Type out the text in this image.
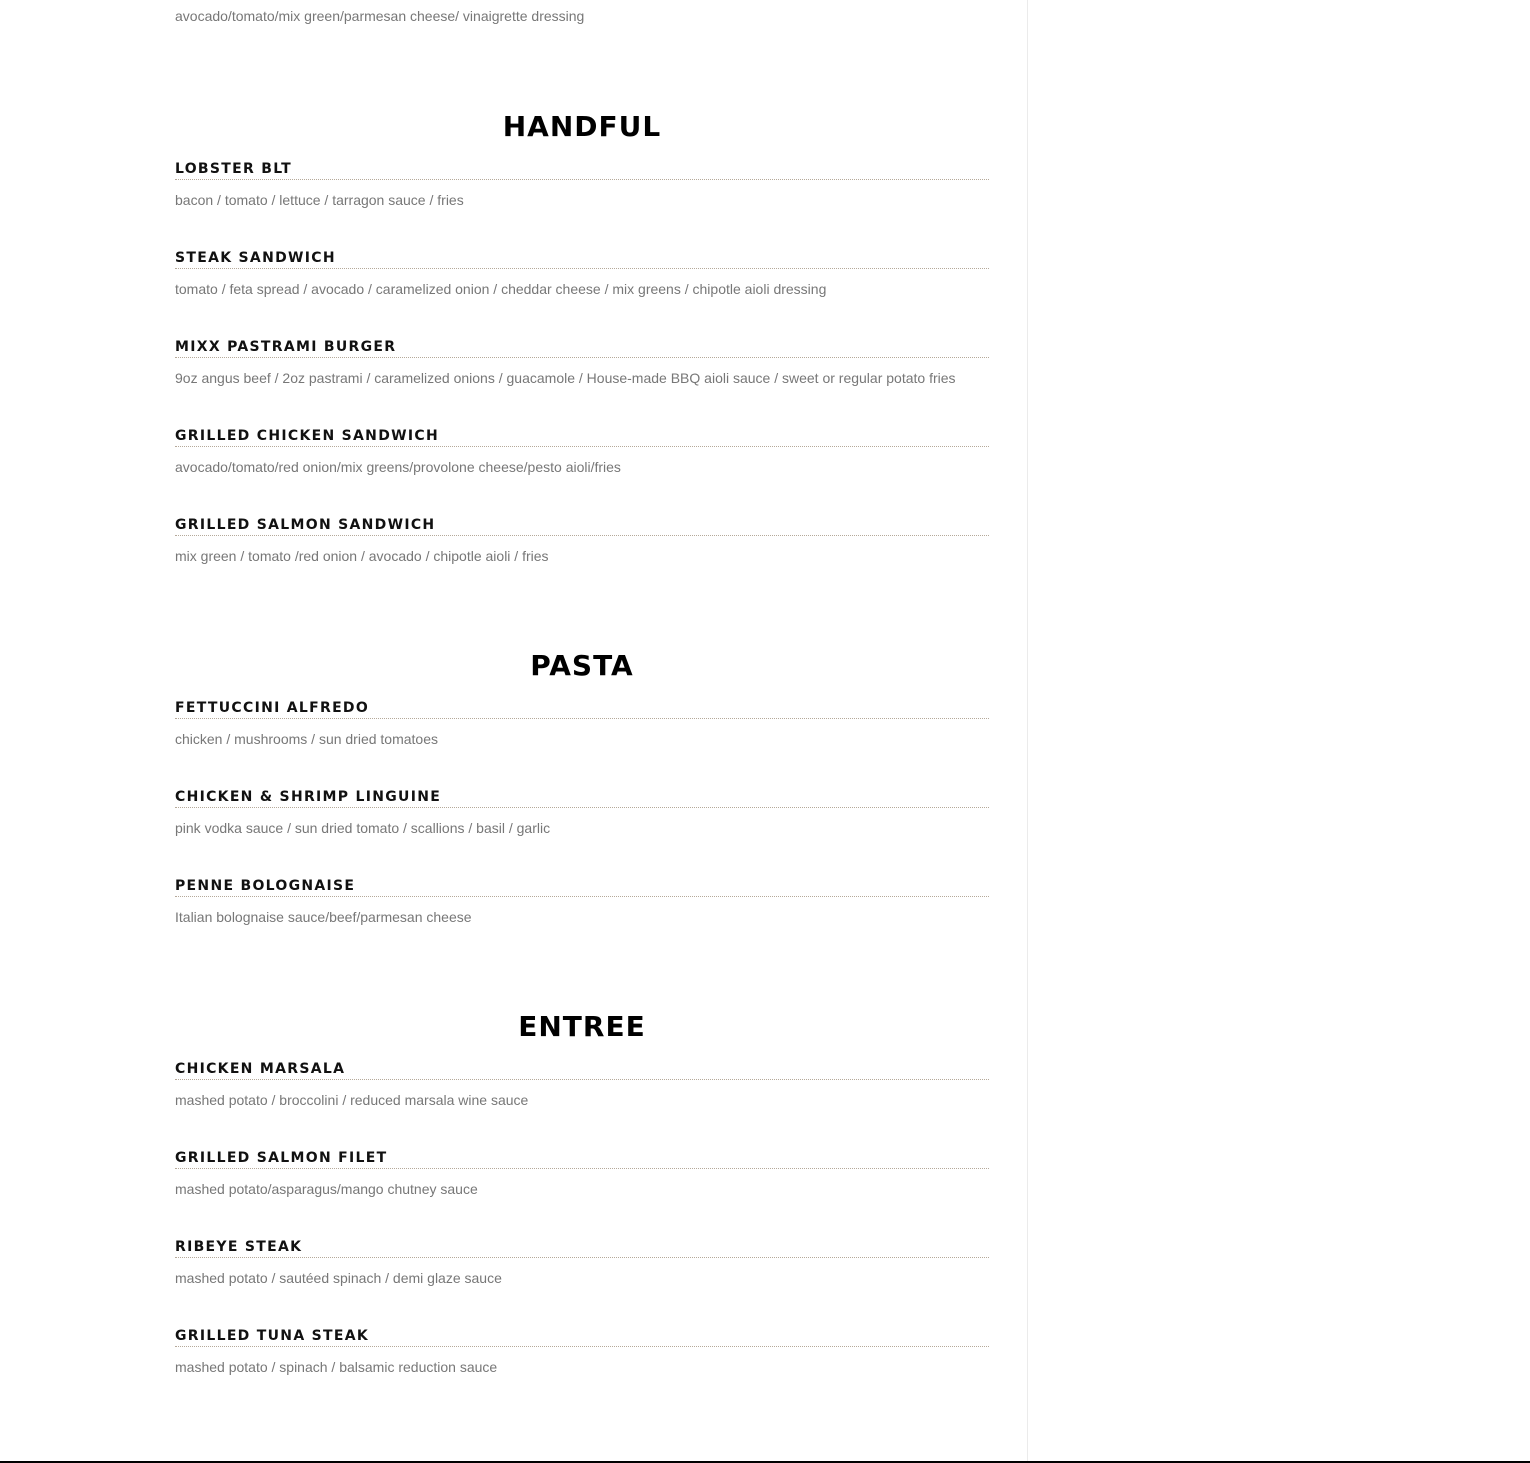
avocado/tomato/mix green/parmesan cheese/ vinaigrette dressing
HANDFUL
LOBSTER BLT
bacon / tomato / lettuce / tarragon sauce / fries
STEAK SANDWICH
tomato / feta spread / avocado / caramelized onion / cheddar cheese / mix greens / chipotle aioli dressing
MIXX PASTRAMI BURGER
9oz angus beef / 2oz pastrami / caramelized onions / guacamole / House-made BBQ aioli sauce / sweet or regular potato fries
GRILLED CHICKEN SANDWICH
avocado/tomato/red onion/mix greens/provolone cheese/pesto aioli/fries
GRILLED SALMON SANDWICH
mix green / tomato /red onion / avocado / chipotle aioli / fries
PASTA
FETTUCCINI ALFREDO
chicken / mushrooms / sun dried tomatoes
CHICKEN & SHRIMP LINGUINE
pink vodka sauce / sun dried tomato / scallions / basil / garlic
PENNE BOLOGNAISE
Italian bolognaise sauce/beef/parmesan cheese
ENTREE
CHICKEN MARSALA
mashed potato / broccolini / reduced marsala wine sauce
GRILLED SALMON FILET
mashed potato/asparagus/mango chutney sauce
RIBEYE STEAK
mashed potato / sautéed spinach / demi glaze sauce
GRILLED TUNA STEAK
mashed potato / spinach / balsamic reduction sauce
